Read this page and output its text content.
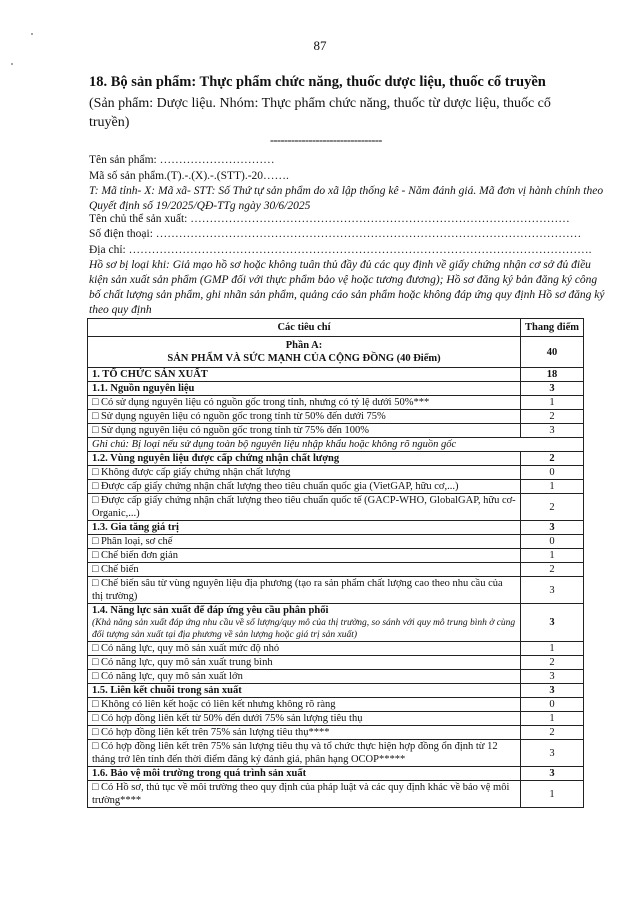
87
18. Bộ sản phẩm: Thực phẩm chức năng, thuốc dược liệu, thuốc cổ truyền
(Sản phẩm: Dược liệu. Nhóm: Thực phẩm chức năng, thuốc từ dược liệu, thuốc cổ truyền)
--------------------------------
Tên sản phẩm: …………………………
Mã số sản phẩm.(T).-.(X).-.(STT).-20…….
T: Mã tỉnh- X: Mã xã- STT: Số Thứ tự sản phẩm do xã lập thống kê - Năm đánh giá. Mã đơn vị hành chính theo Quyết định số 19/2025/QĐ-TTg ngày 30/6/2025
Tên chủ thể sản xuất: ………………………………………………………………………………………
Số điện thoại: …………………………………………………………………………………………………
Địa chỉ: ………………………………………………………………………………………………………….
Hồ sơ bị loại khi: Giả mạo hồ sơ hoặc không tuân thủ đầy đủ các quy định về giấy chứng nhận cơ sở đủ điều kiện sản xuất sản phẩm (GMP đối với thực phẩm bảo vệ hoặc tương đương); Hồ sơ đăng ký bản đăng ký công bố chất lượng sản phẩm, ghi nhãn sản phẩm, quảng cáo sản phẩm hoặc không đáp ứng quy định Hồ sơ đăng ký theo quy định
Các tiêu chí	Thang điểm

Phần A:
SẢN PHẨM VÀ SỨC MẠNH CỦA CỘNG ĐỒNG (40 Điểm)	40
1. TỔ CHỨC SẢN XUẤT	18
1.1. Nguồn nguyên liệu	3
□ Có sử dụng nguyên liệu có nguồn gốc trong tỉnh, nhưng có tỷ lệ dưới 50%***	1
□ Sử dụng nguyên liệu có nguồn gốc trong tỉnh từ 50% đến dưới 75%	2
□ Sử dụng nguyên liệu có nguồn gốc trong tỉnh từ 75% đến 100%	3
Ghi chú: Bị loại nếu sử dụng toàn bộ nguyên liệu nhập khẩu hoặc không rõ nguồn gốc	
1.2. Vùng nguyên liệu được cấp chứng nhận chất lượng	2
□ Không được cấp giấy chứng nhận chất lượng	0
□ Được cấp giấy chứng nhận chất lượng theo tiêu chuẩn quốc gia (VietGAP, hữu cơ,...)	1
□ Được cấp giấy chứng nhận chất lượng theo tiêu chuẩn quốc tế (GACP-WHO, GlobalGAP, hữu cơ-Organic,...)	2
1.3. Gia tăng giá trị	3
□ Phân loại, sơ chế	0
□ Chế biến đơn giản	1
□ Chế biến	2
□ Chế biến sâu từ vùng nguyên liệu địa phương (tạo ra sản phẩm chất lượng cao theo nhu cầu của thị trường)	3

1.4. Năng lực sản xuất để đáp ứng yêu cầu phân phối
(Khả năng sản xuất đáp ứng nhu cầu về số lượng/quy mô của thị trường, so sánh với quy mô trung bình ở cùng đối tượng sản xuất tại địa phương về sản lượng hoặc giá trị sản xuất)	3
□ Có năng lực, quy mô sản xuất mức độ nhỏ	1
□ Có năng lực, quy mô sản xuất trung bình	2
□ Có năng lực, quy mô sản xuất lớn	3
1.5. Liên kết chuỗi trong sản xuất	3
□ Không có liên kết hoặc có liên kết nhưng không rõ ràng	0
□ Có hợp đồng liên kết từ 50% đến dưới 75% sản lượng tiêu thụ	1
□ Có hợp đồng liên kết trên 75% sản lượng tiêu thụ****	2
□ Có hợp đồng liên kết trên 75% sản lượng tiêu thụ và tổ chức thực hiện hợp đồng ổn định từ 12 tháng trở lên tính đến thời điểm đăng ký đánh giá, phân hạng OCOP*****	3
1.6. Bảo vệ môi trường trong quá trình sản xuất	3
□ Có Hồ sơ, thủ tục về môi trường theo quy định của pháp luật và các quy định khác về bảo vệ môi trường****	1
